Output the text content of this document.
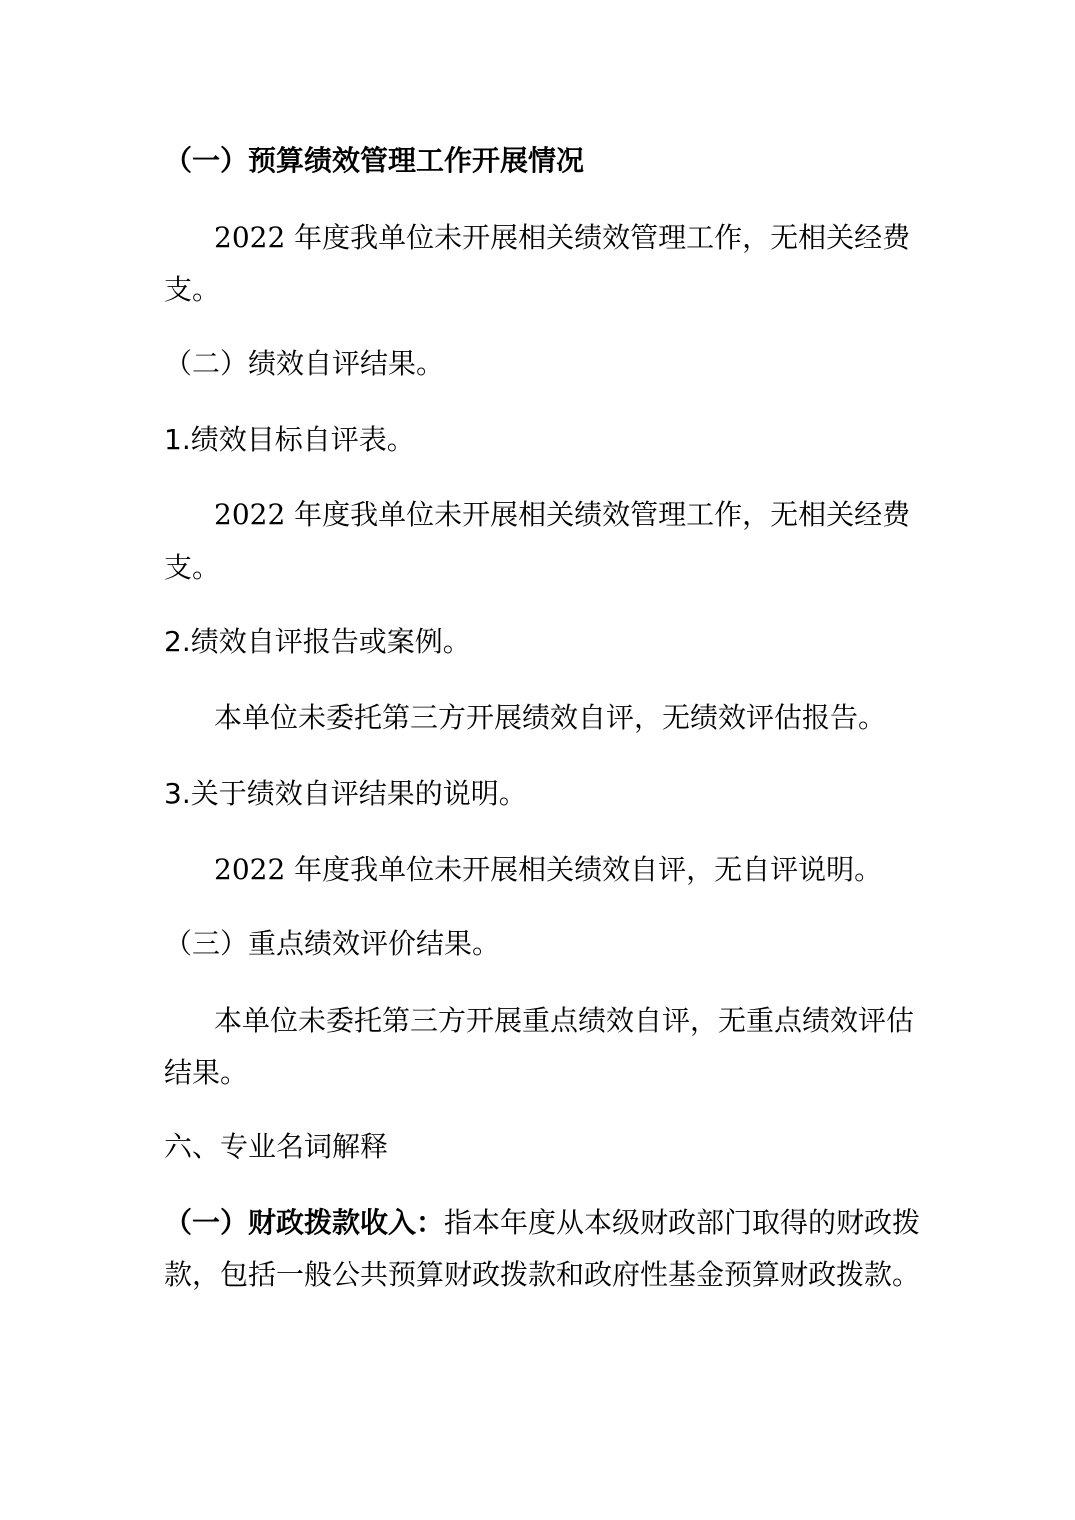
（一）预算绩效管理工作开展情况
2022 年度我单位未开展相关绩效管理工作，无相关经费
支。
（二）绩效自评结果。
1.绩效目标自评表。
2022 年度我单位未开展相关绩效管理工作，无相关经费
支。
2.绩效自评报告或案例。
本单位未委托第三方开展绩效自评，无绩效评估报告。
3.关于绩效自评结果的说明。
2022 年度我单位未开展相关绩效自评，无自评说明。
（三）重点绩效评价结果。
本单位未委托第三方开展重点绩效自评，无重点绩效评估
结果。
六、专业名词解释
（一）财政拨款收入：指本年度从本级财政部门取得的财政拨
款，包括一般公共预算财政拨款和政府性基金预算财政拨款。
